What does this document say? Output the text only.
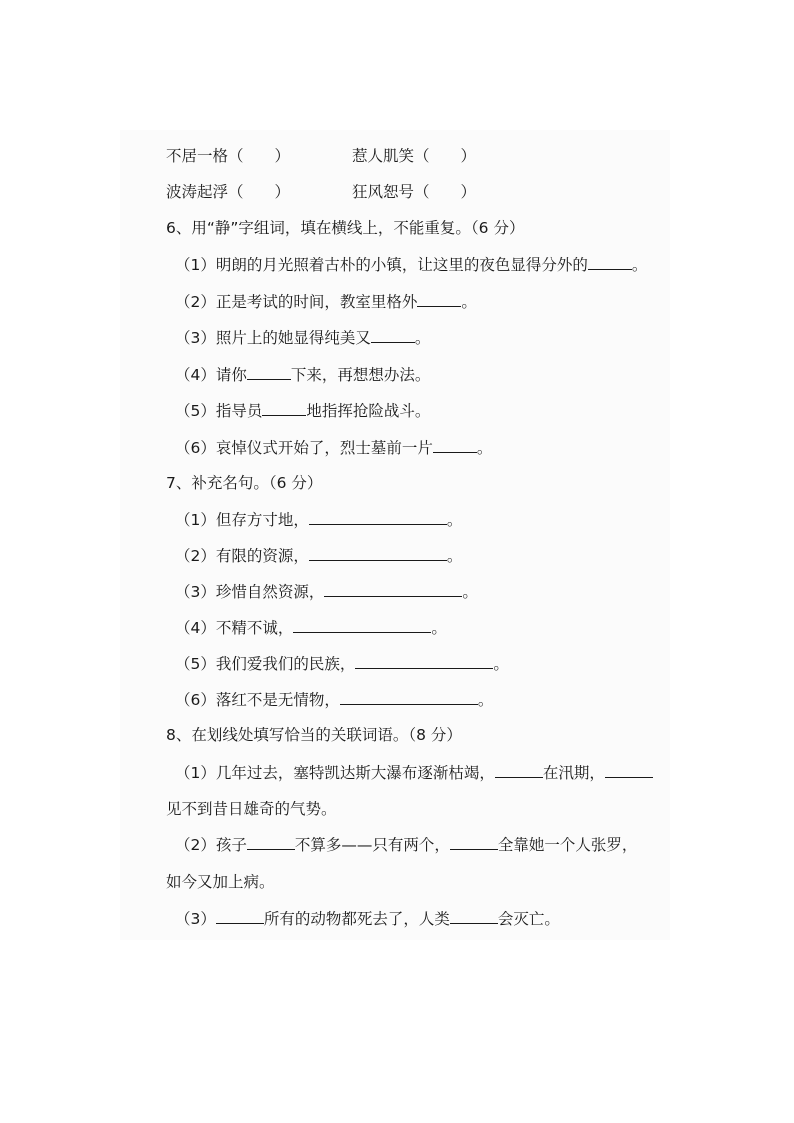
不居一格（　　）	惹人肌笑（　　）
波涛起浮（　　）	狂风恕号（　　）
6、用“静”字组词，填在横线上，不能重复。（6 分）
（1）明朗的月光照着古朴的小镇，让这里的夜色显得分外的	。
（2）正是考试的时间，教室里格外	。
（3）照片上的她显得纯美又	。
（4）请你	下来，再想想办法。
（5）指导员	地指挥抢险战斗。
（6）哀悼仪式开始了，烈士墓前一片	。
7、补充名句。（6 分）
（1）但存方寸地，	。
（2）有限的资源，	。
（3）珍惜自然资源，	。
（4）不精不诚，	。
（5）我们爱我们的民族，	。
（6）落红不是无情物，	。
8、在划线处填写恰当的关联词语。（8 分）
（1）几年过去，塞特凯达斯大瀑布逐渐枯竭，	在汛期，
见不到昔日雄奇的气势。
（2）孩子	不算多——只有两个，	全靠她一个人张罗，
如今又加上病。
（3）	所有的动物都死去了，人类	会灭亡。
